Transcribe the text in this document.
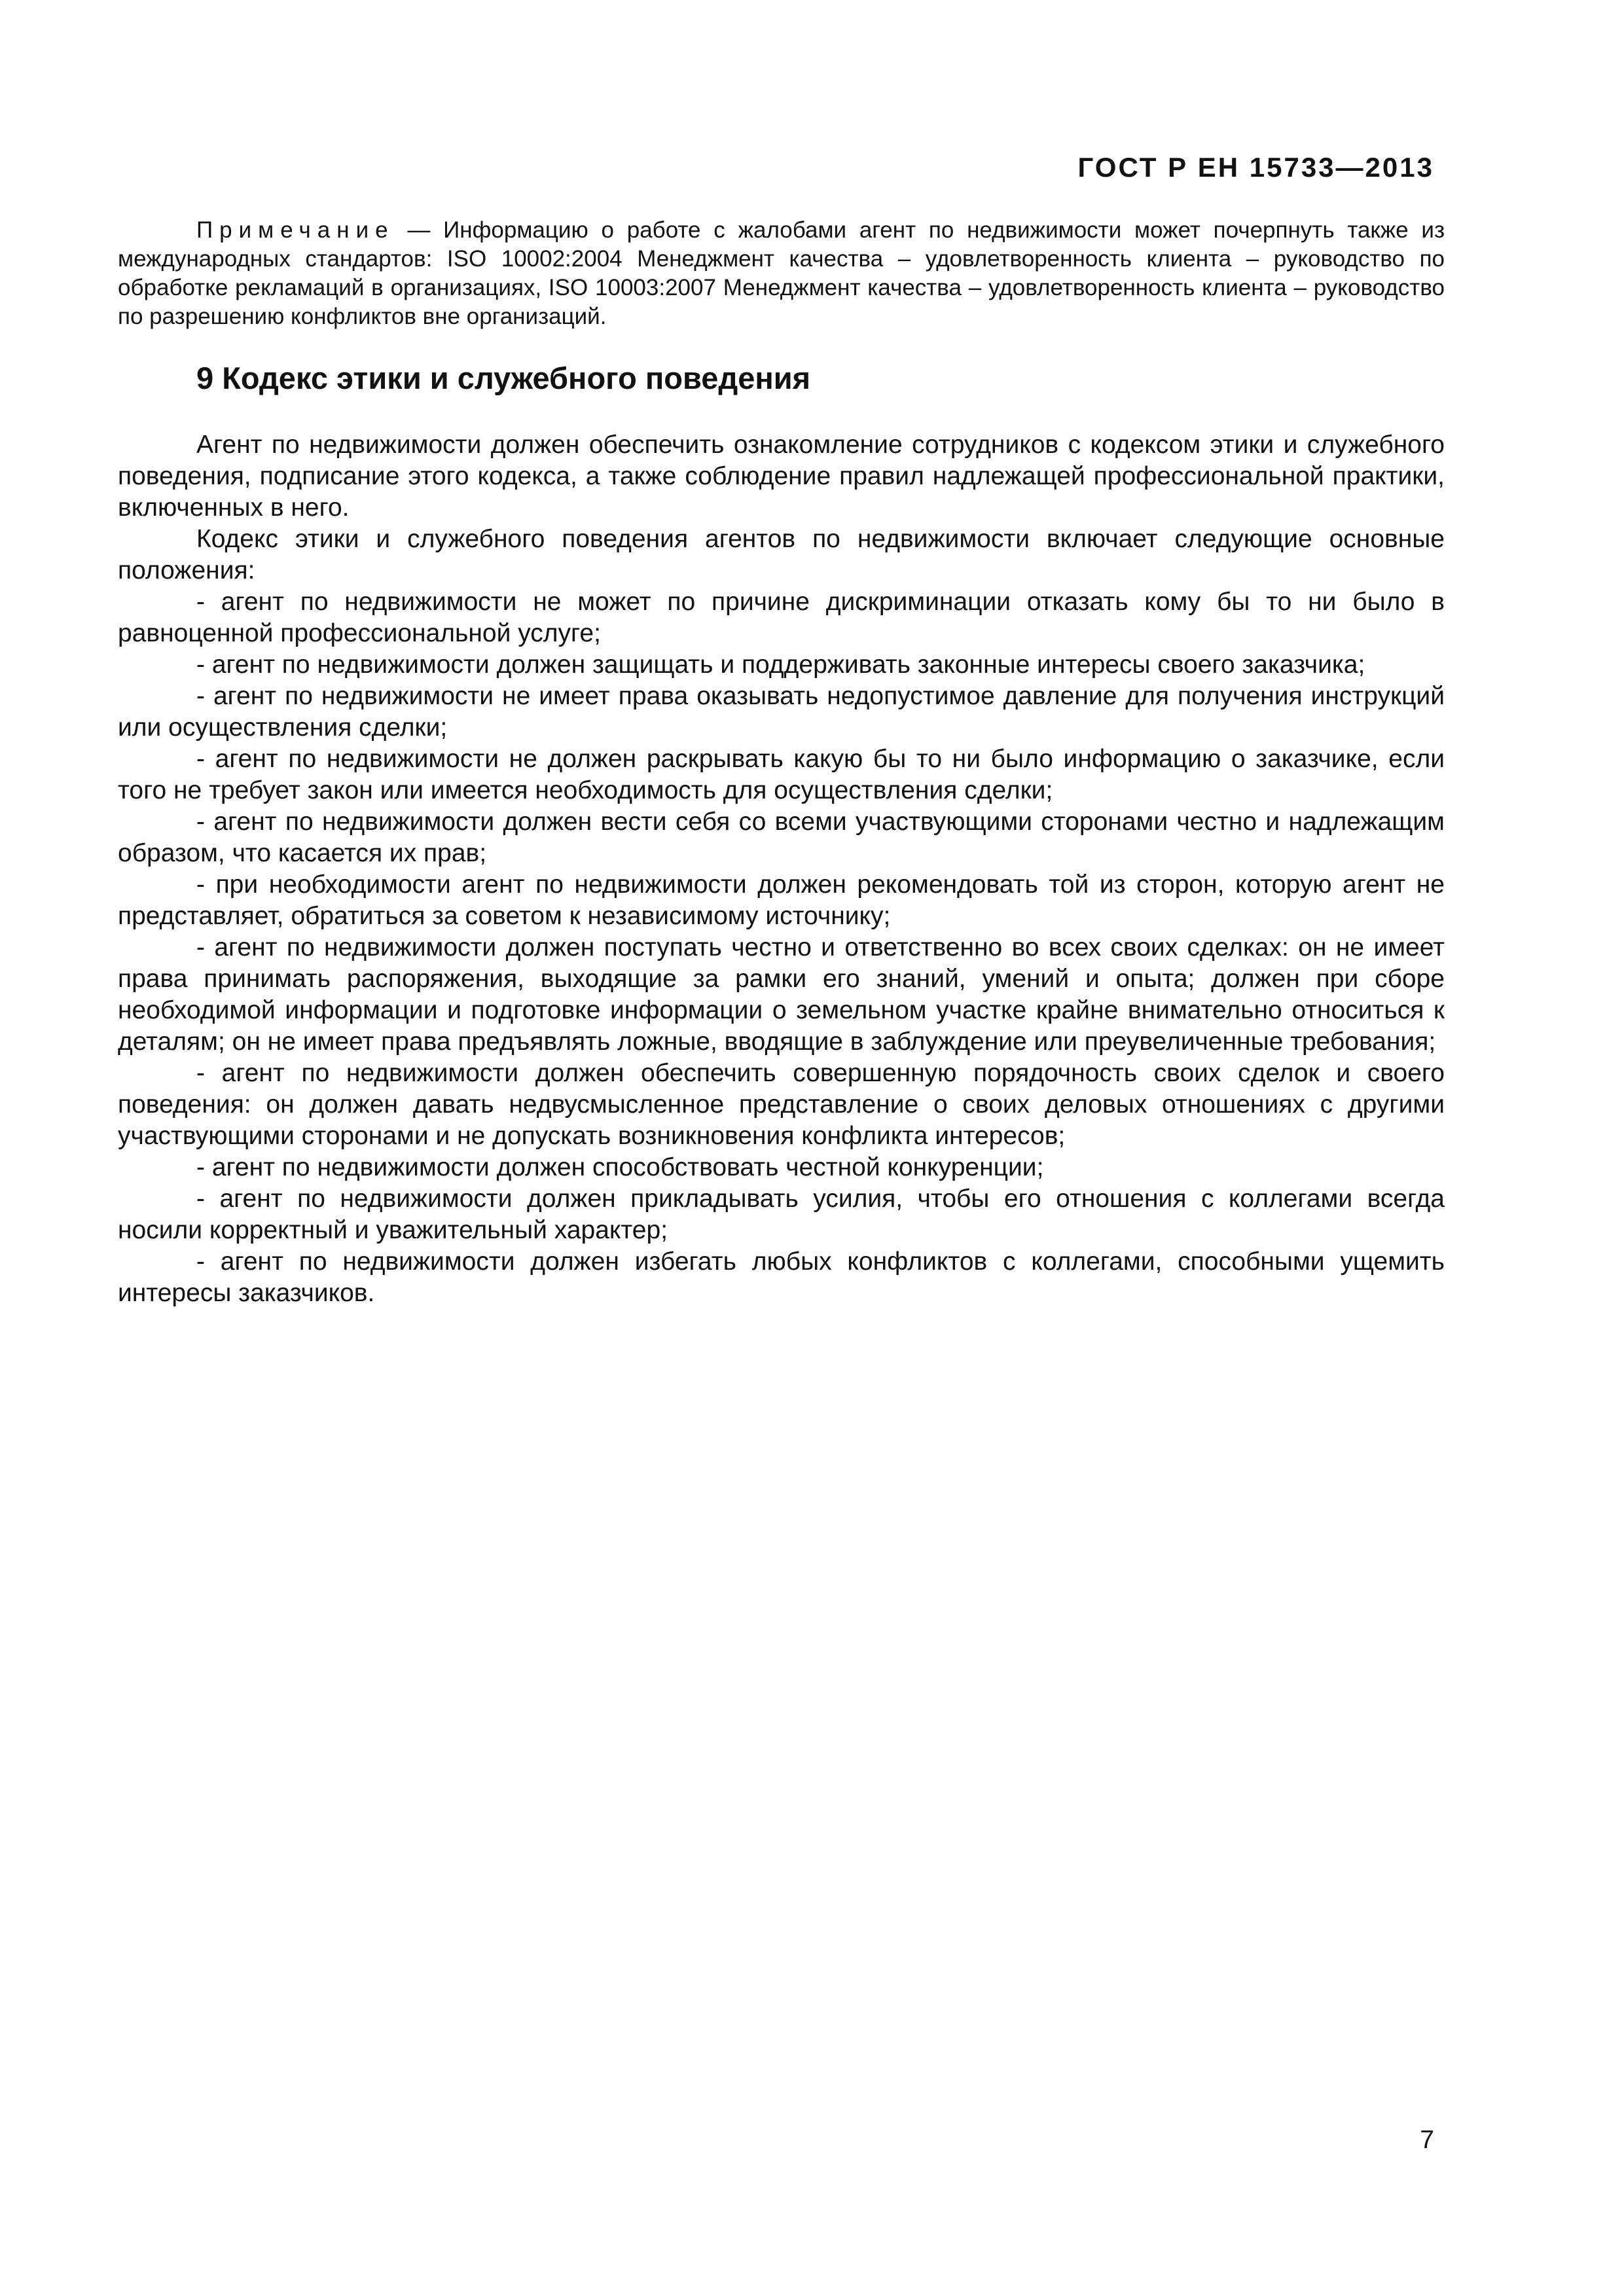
ГОСТ Р ЕН 15733—2013

Примечание — Информацию о работе с жалобами агент по недвижимости может почерпнуть также из международных стандартов: ISO 10002:2004 Менеджмент качества – удовлетворенность клиента – руководство по обработке рекламаций в организациях, ISO 10003:2007 Менеджмент качества – удовлетворенность клиента – руководство по разрешению конфликтов вне организаций.

9 Кодекс этики и служебного поведения

Агент по недвижимости должен обеспечить ознакомление сотрудников с кодексом этики и служебного поведения, подписание этого кодекса, а также соблюдение правил надлежащей профессиональной практики, включенных в него.

Кодекс этики и служебного поведения агентов по недвижимости включает следующие основные положения:

- агент по недвижимости не может по причине дискриминации отказать кому бы то ни было в равноценной профессиональной услуге;

- агент по недвижимости должен защищать и поддерживать законные интересы своего заказчика;

- агент по недвижимости не имеет права оказывать недопустимое давление для получения инструкций или осуществления сделки;

- агент по недвижимости не должен раскрывать какую бы то ни было информацию о заказчике, если того не требует закон или имеется необходимость для осуществления сделки;

- агент по недвижимости должен вести себя со всеми участвующими сторонами честно и надлежащим образом, что касается их прав;

- при необходимости агент по недвижимости должен рекомендовать той из сторон, которую агент не представляет, обратиться за советом к независимому источнику;

- агент по недвижимости должен поступать честно и ответственно во всех своих сделках: он не имеет права принимать распоряжения, выходящие за рамки его знаний, умений и опыта; должен при сборе необходимой информации и подготовке информации о земельном участке крайне внимательно относиться к деталям; он не имеет права предъявлять ложные, вводящие в заблуждение или преувеличенные требования;

- агент по недвижимости должен обеспечить совершенную порядочность своих сделок и своего поведения: он должен давать недвусмысленное представление о своих деловых отношениях с другими участвующими сторонами и не допускать возникновения конфликта интересов;

- агент по недвижимости должен способствовать честной конкуренции;

- агент по недвижимости должен прикладывать усилия, чтобы его отношения с коллегами всегда носили корректный и уважительный характер;

- агент по недвижимости должен избегать любых конфликтов с коллегами, способными ущемить интересы заказчиков.

7
